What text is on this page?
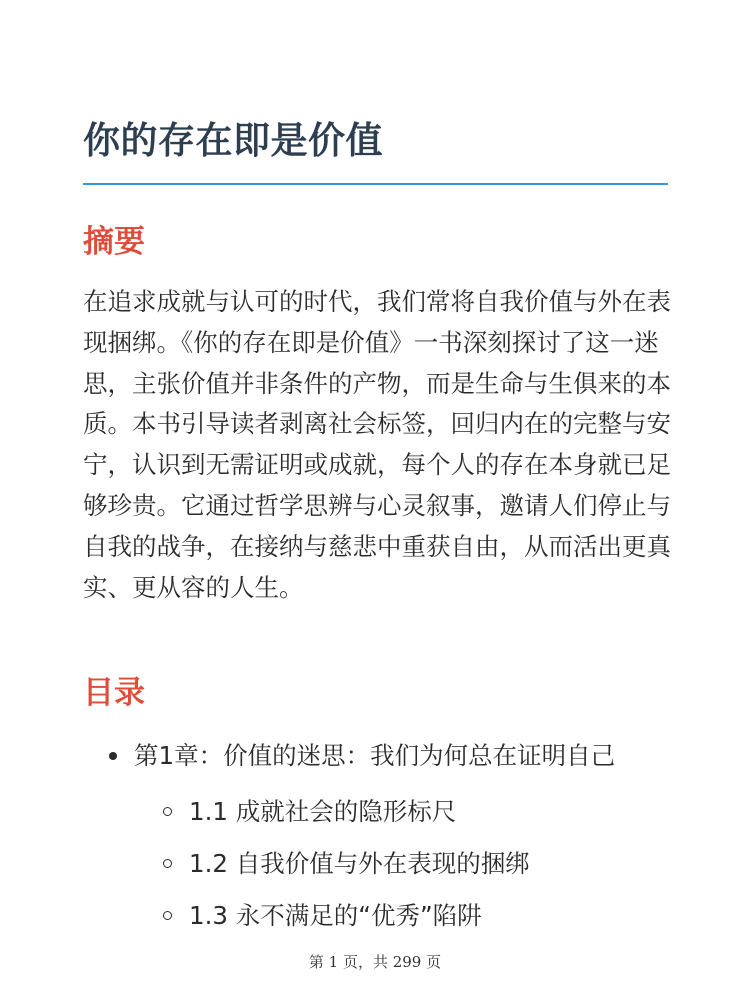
你的存在即是价值
摘要

在追求成就与认可的时代，我们常将自我价值与外在表现捆绑。《你的存在即是价值》一书深刻探讨了这一迷思，主张价值并非条件的产物，而是生命与生俱来的本质。本书引导读者剥离社会标签，回归内在的完整与安宁，认识到无需证明或成就，每个人的存在本身就已足够珍贵。它通过哲学思辨与心灵叙事，邀请人们停止与自我的战争，在接纳与慈悲中重获自由，从而活出更真实、更从容的人生。

目录
第1章：价值的迷思：我们为何总在证明自己
1.1 成就社会的隐形标尺
1.2 自我价值与外在表现的捆绑
1.3 永不满足的“优秀”陷阱
第 1 页，共 299 页
